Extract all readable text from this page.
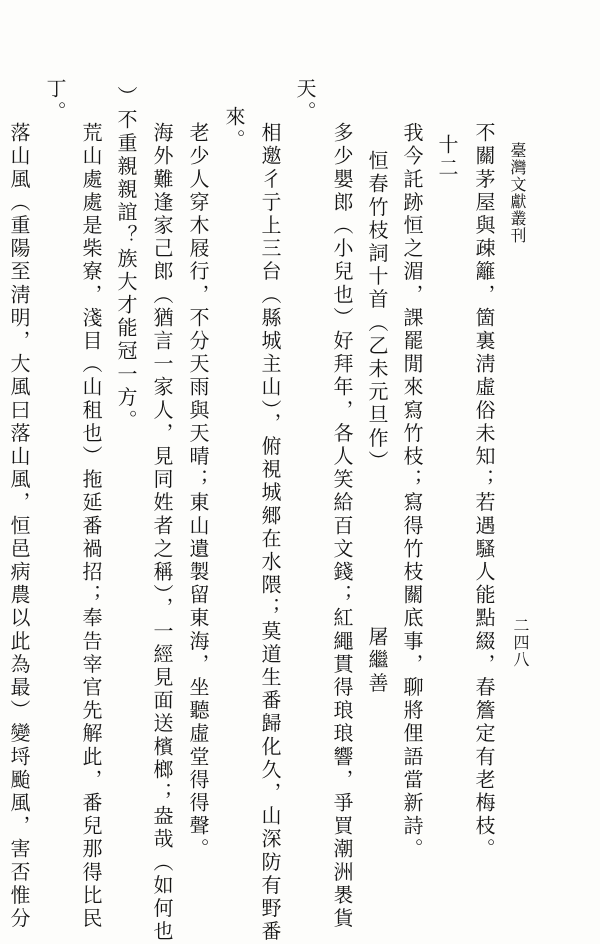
臺灣文獻叢刊
二四八
不關茅屋與疎籬，箇裏淸虛俗未知；若遇騷人能點綴，春簷定有老梅枝。
十二
我今託跡恒之湄，課罷閒來寫竹枝；寫得竹枝關底事，聊將俚語當新詩。
恒春竹枝詞十首（乙未元旦作）
屠繼善
多少嬰郎（小兒也）好拜年，各人笑給百文錢；紅繩貫得琅琅響，爭買潮洲褁貨
天。
相邀彳亍上三台（縣城主山），俯視城郷在水隈；莫道生番歸化久，山深防有野番
來。
老少人穿木屐行，不分天雨與天晴；東山遺製留東海，坐聽虛堂得得聲。
海外難逢家己郎（猶言一家人，見同姓者之稱），一經見面送檳榔；盎哉（如何也
）不重親親誼？族大才能冠一方。
荒山處處是柴寮，淺目（山租也）拖延番禍招；奉告宰官先解此，番兒那得比民
丁。
落山風（重陽至淸明，大風曰落山風，恒邑病農以此為最）變埒颱風，害否惟分
